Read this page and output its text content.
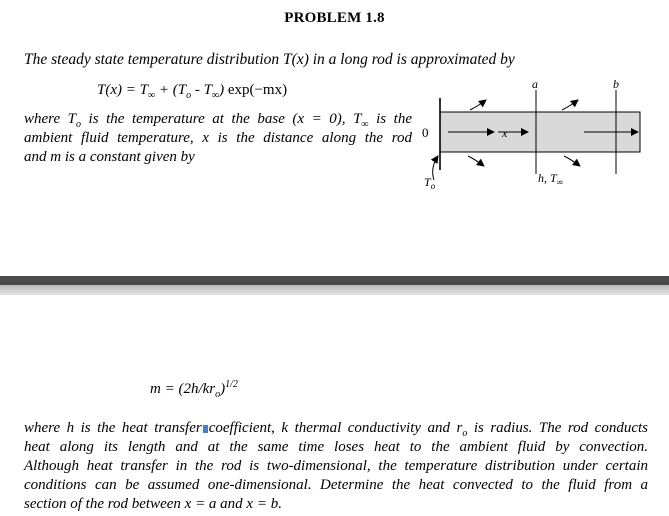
PROBLEM 1.8
The steady state temperature distribution T(x) in a long rod is approximated by
$T(x) = T_\infty + (T_o - T_\infty)$ exp(−mx)
where $T_o$ is the temperature at the base (x = 0), $T_\infty$ is the
ambient fluid temperature, x is the distance along the rod
and m is a constant given by
x
a	b
0
$T_o$
h, $T_\infty$
$m = (2h/kr_o)^{1/2}$
where h is the heat transfer coefficient, k thermal conductivity and $r_o$ is radius. The rod conducts
heat along its length and at the same time loses heat to the ambient fluid by convection.
Although heat transfer in the rod is two-dimensional, the temperature distribution under certain
conditions can be assumed one-dimensional. Determine the heat convected to the fluid from a
section of the rod between x = a and x = b.
